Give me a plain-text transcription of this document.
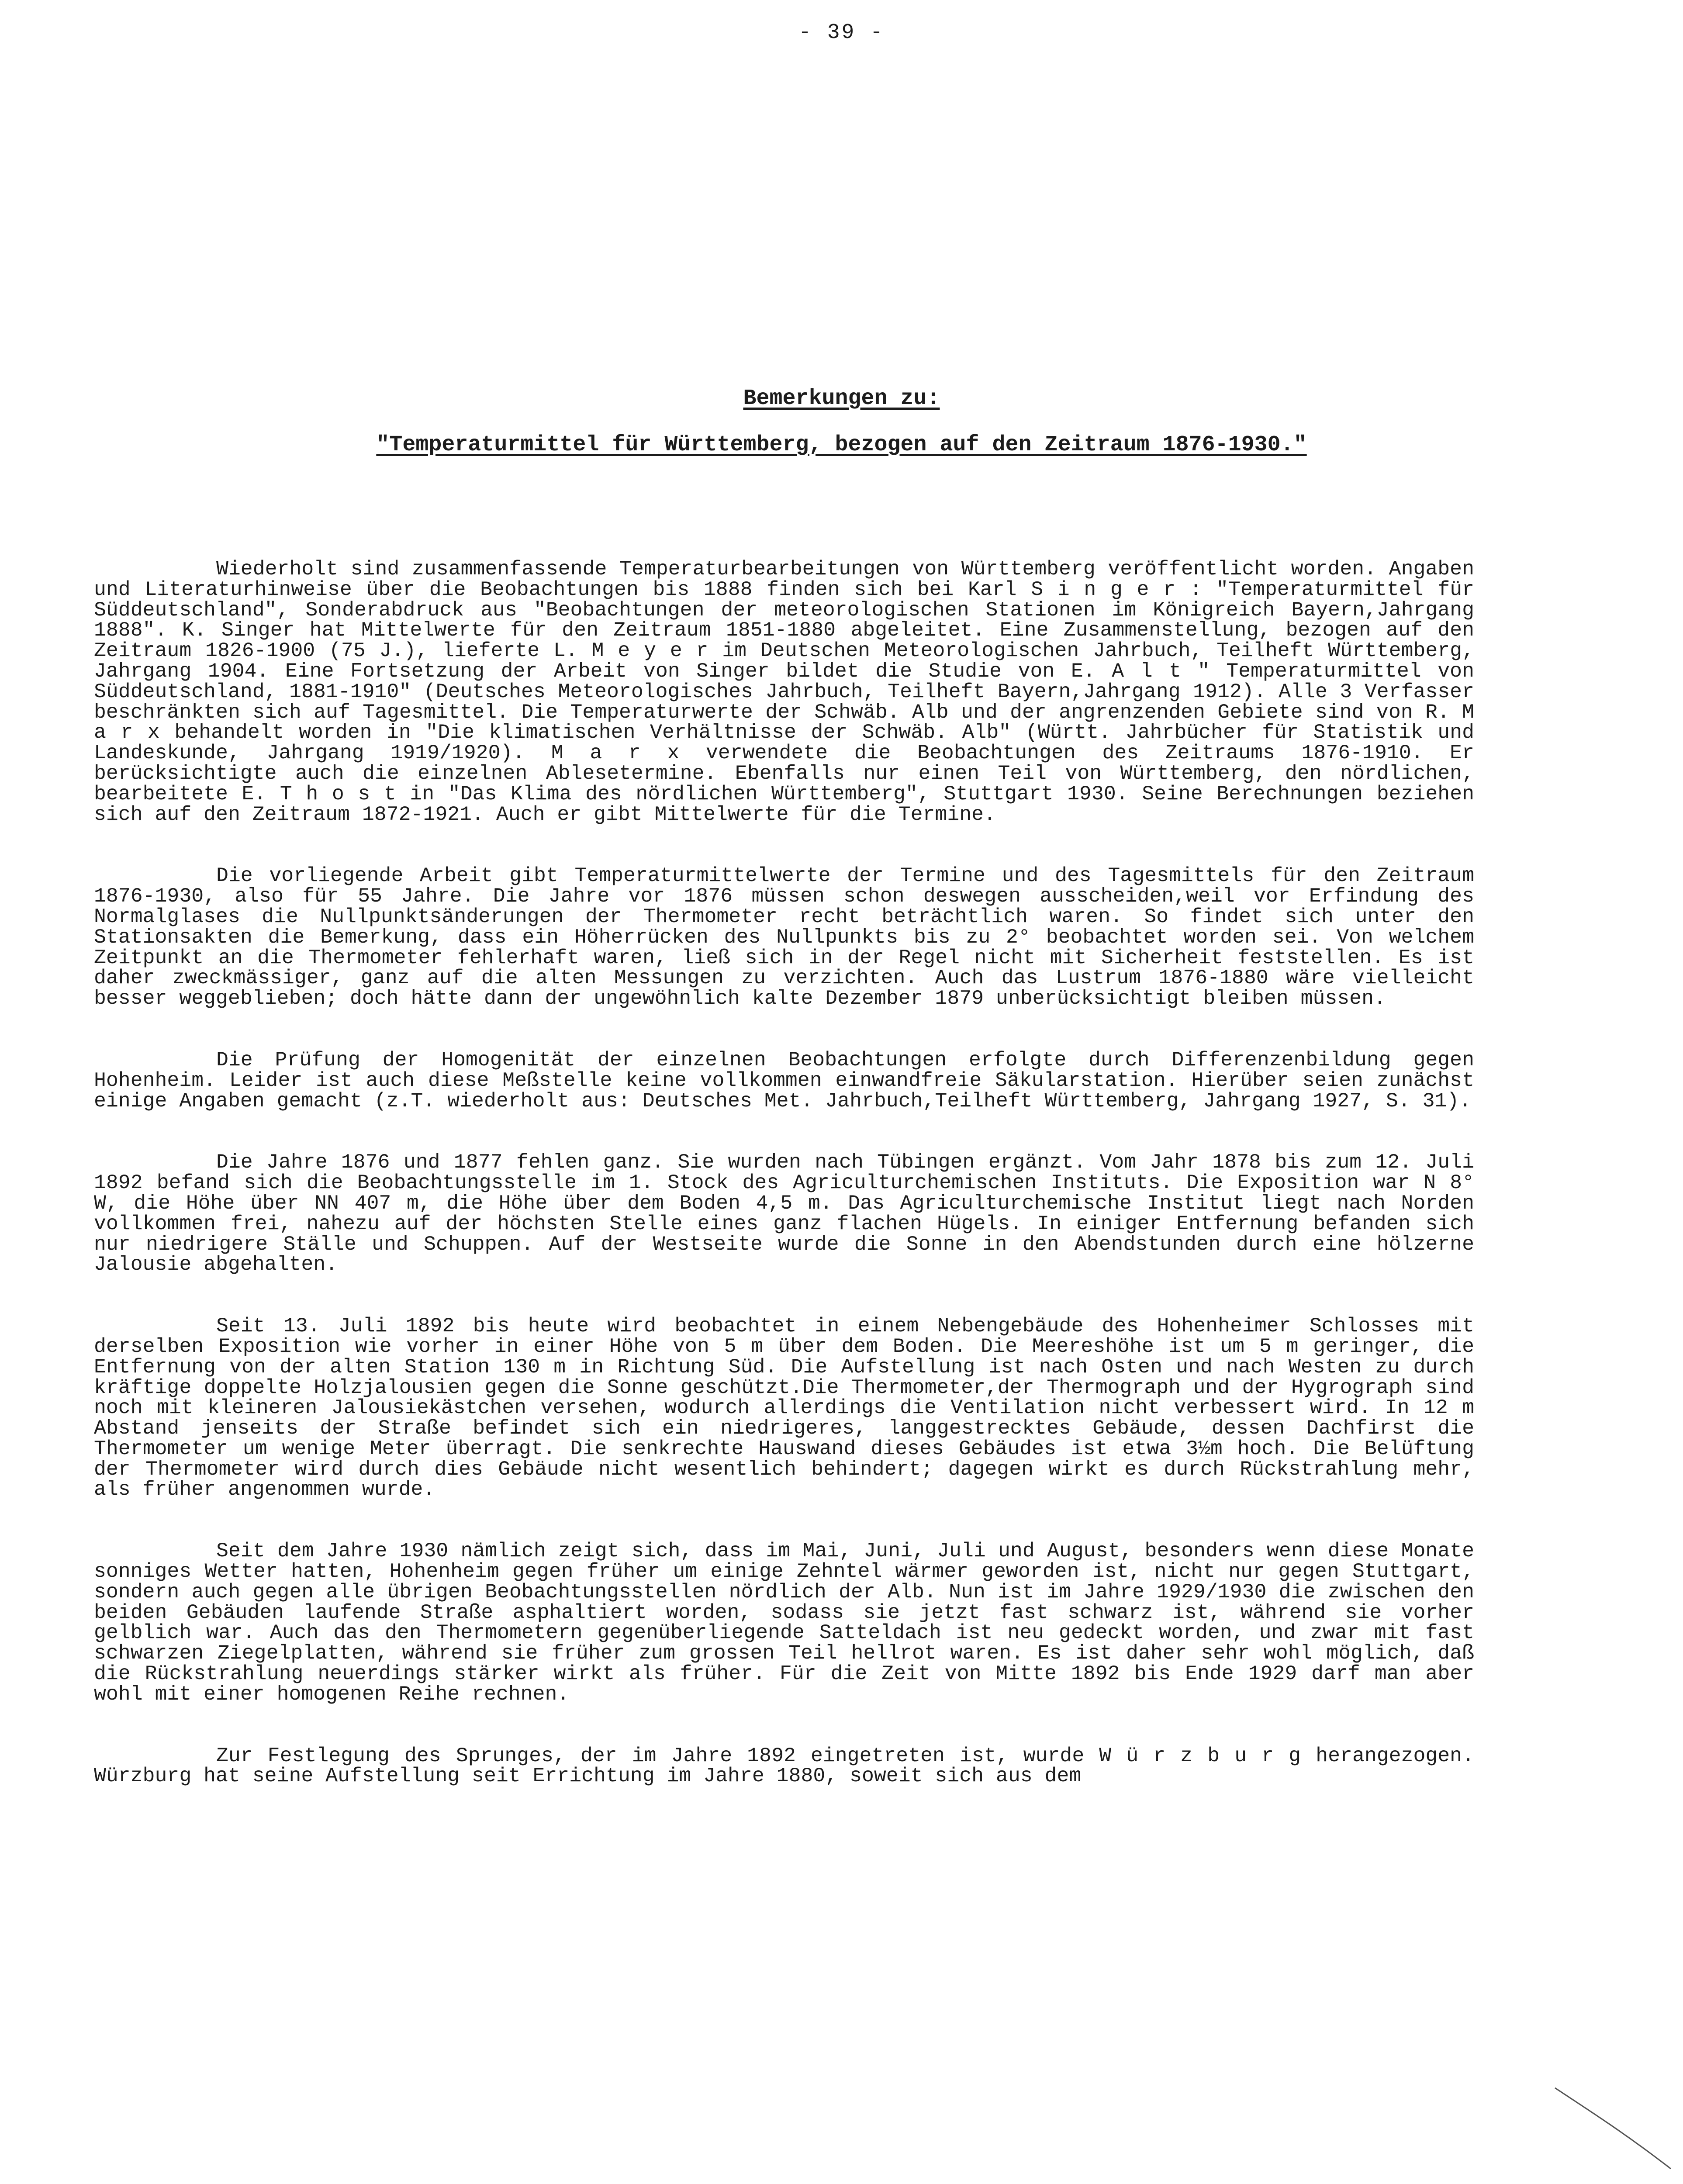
- 39 -
Bemerkungen zu:
"Temperaturmittel für Württemberg, bezogen auf den Zeitraum 1876-1930."

Wiederholt sind zusammenfassende Temperaturbearbeitungen von Württemberg veröffentlicht worden. Angaben und Literaturhinweise über die Beobachtungen bis 1888 finden sich bei Karl S i n g e r : "Temperaturmittel für Süddeutschland", Sonderabdruck aus "Beobachtungen der meteorologischen Stationen im Königreich Bayern,Jahrgang 1888". K. Singer hat Mittelwerte für den Zeitraum 1851-1880 abgeleitet. Eine Zusammenstellung, bezogen auf den Zeitraum 1826-1900 (75 J.), lieferte L. M e y e r im Deutschen Meteorologischen Jahrbuch, Teilheft Württemberg, Jahrgang 1904. Eine Fortsetzung der Arbeit von Singer bildet die Studie von E. A l t " Temperaturmittel von Süddeutschland, 1881-1910" (Deutsches Meteorologisches Jahrbuch, Teilheft Bayern,Jahrgang 1912). Alle 3 Verfasser beschränkten sich auf Tagesmittel. Die Temperaturwerte der Schwäb. Alb und der angrenzenden Gebiete sind von R. M a r x behandelt worden in "Die klimatischen Verhältnisse der Schwäb. Alb" (Württ. Jahrbücher für Statistik und Landeskunde, Jahrgang 1919/1920). M a r x verwendete die Beobachtungen des Zeitraums 1876-1910. Er berücksichtigte auch die einzelnen Ablesetermine. Ebenfalls nur einen Teil von Württemberg, den nördlichen, bearbeitete E. T h o s t in "Das Klima des nördlichen Württemberg", Stuttgart 1930. Seine Berechnungen beziehen sich auf den Zeitraum 1872-1921. Auch er gibt Mittelwerte für die Termine.

Die vorliegende Arbeit gibt Temperaturmittelwerte der Termine und des Tagesmittels für den Zeitraum 1876-1930, also für 55 Jahre. Die Jahre vor 1876 müssen schon deswegen ausscheiden,weil vor Erfindung des Normalglases die Nullpunktsänderungen der Thermometer recht beträchtlich waren. So findet sich unter den Stationsakten die Bemerkung, dass ein Höherrücken des Nullpunkts bis zu 2° beobachtet worden sei. Von welchem Zeitpunkt an die Thermometer fehlerhaft waren, ließ sich in der Regel nicht mit Sicherheit feststellen. Es ist daher zweckmässiger, ganz auf die alten Messungen zu verzichten. Auch das Lustrum 1876-1880 wäre vielleicht besser weggeblieben; doch hätte dann der ungewöhnlich kalte Dezember 1879 unberücksichtigt bleiben müssen.

Die Prüfung der Homogenität der einzelnen Beobachtungen erfolgte durch Differenzenbildung gegen Hohenheim. Leider ist auch diese Meßstelle keine vollkommen einwandfreie Säkularstation. Hierüber seien zunächst einige Angaben gemacht (z.T. wiederholt aus: Deutsches Met. Jahrbuch,Teilheft Württemberg, Jahrgang 1927, S. 31).

Die Jahre 1876 und 1877 fehlen ganz. Sie wurden nach Tübingen ergänzt. Vom Jahr 1878 bis zum 12. Juli 1892 befand sich die Beobachtungsstelle im 1. Stock des Agriculturchemischen Instituts. Die Exposition war N 8° W, die Höhe über NN 407 m, die Höhe über dem Boden 4,5 m. Das Agriculturchemische Institut liegt nach Norden vollkommen frei, nahezu auf der höchsten Stelle eines ganz flachen Hügels. In einiger Entfernung befanden sich nur niedrigere Ställe und Schuppen. Auf der Westseite wurde die Sonne in den Abendstunden durch eine hölzerne Jalousie abgehalten.

Seit 13. Juli 1892 bis heute wird beobachtet in einem Nebengebäude des Hohenheimer Schlosses mit derselben Exposition wie vorher in einer Höhe von 5 m über dem Boden. Die Meereshöhe ist um 5 m geringer, die Entfernung von der alten Station 130 m in Richtung Süd. Die Aufstellung ist nach Osten und nach Westen zu durch kräftige doppelte Holzjalousien gegen die Sonne geschützt.Die Thermometer,der Thermograph und der Hygrograph sind noch mit kleineren Jalousiekästchen versehen, wodurch allerdings die Ventilation nicht verbessert wird. In 12 m Abstand jenseits der Straße befindet sich ein niedrigeres, langgestrecktes Gebäude, dessen Dachfirst die Thermometer um wenige Meter überragt. Die senkrechte Hauswand dieses Gebäudes ist etwa 3½m hoch. Die Belüftung der Thermometer wird durch dies Gebäude nicht wesentlich behindert; dagegen wirkt es durch Rückstrahlung mehr, als früher angenommen wurde.

Seit dem Jahre 1930 nämlich zeigt sich, dass im Mai, Juni, Juli und August, besonders wenn diese Monate sonniges Wetter hatten, Hohenheim gegen früher um einige Zehntel wärmer geworden ist, nicht nur gegen Stuttgart, sondern auch gegen alle übrigen Beobachtungsstellen nördlich der Alb. Nun ist im Jahre 1929/1930 die zwischen den beiden Gebäuden laufende Straße asphaltiert worden, sodass sie jetzt fast schwarz ist, während sie vorher gelblich war. Auch das den Thermometern gegenüberliegende Satteldach ist neu gedeckt worden, und zwar mit fast schwarzen Ziegelplatten, während sie früher zum grossen Teil hellrot waren. Es ist daher sehr wohl möglich, daß die Rückstrahlung neuerdings stärker wirkt als früher. Für die Zeit von Mitte 1892 bis Ende 1929 darf man aber wohl mit einer homogenen Reihe rechnen.

Zur Festlegung des Sprunges, der im Jahre 1892 eingetreten ist, wurde W ü r z b u r g herangezogen. Würzburg hat seine Aufstellung seit Errichtung im Jahre 1880, soweit sich aus dem
